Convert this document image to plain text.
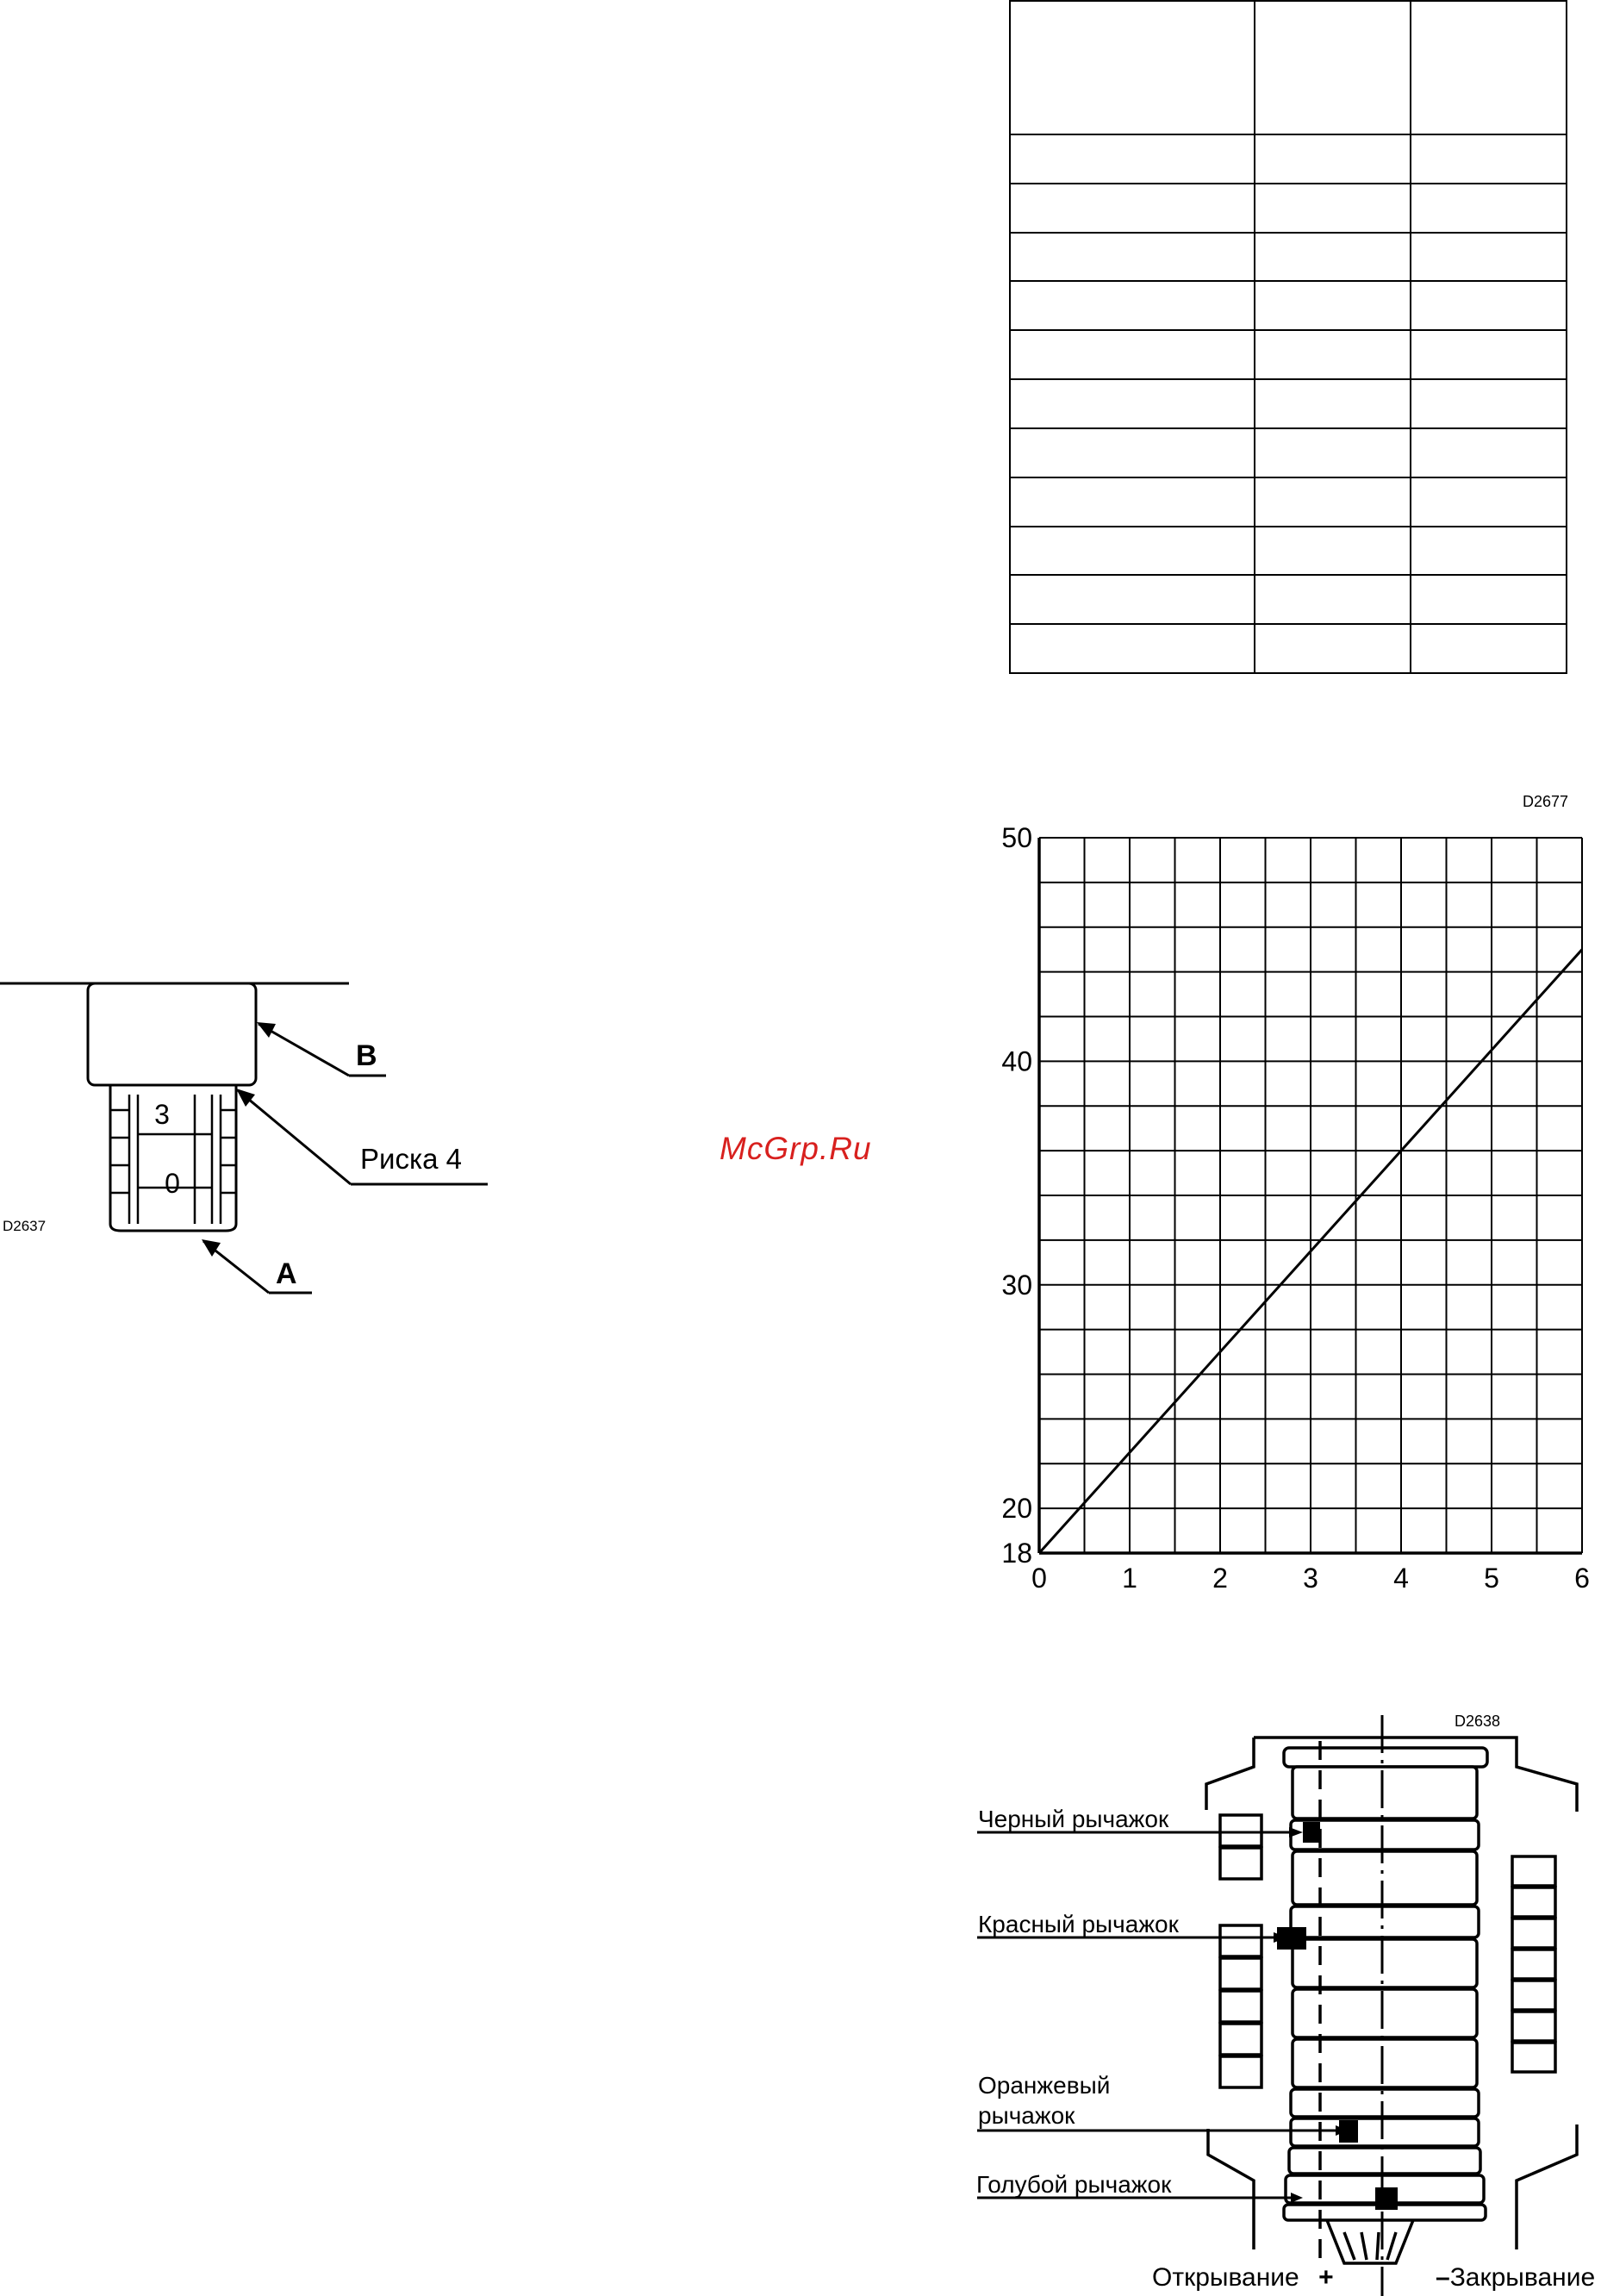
McGrp.Ru
3
0
B
Риска 4
A
D2637
D2677
18
20
30
40
50
0	1	2	3	4	5	6
D2638
Черный рычажок
Красный рычажок
Оранжевый
рычажок
Голубой рычажок
Открывание +	–Закрывание
